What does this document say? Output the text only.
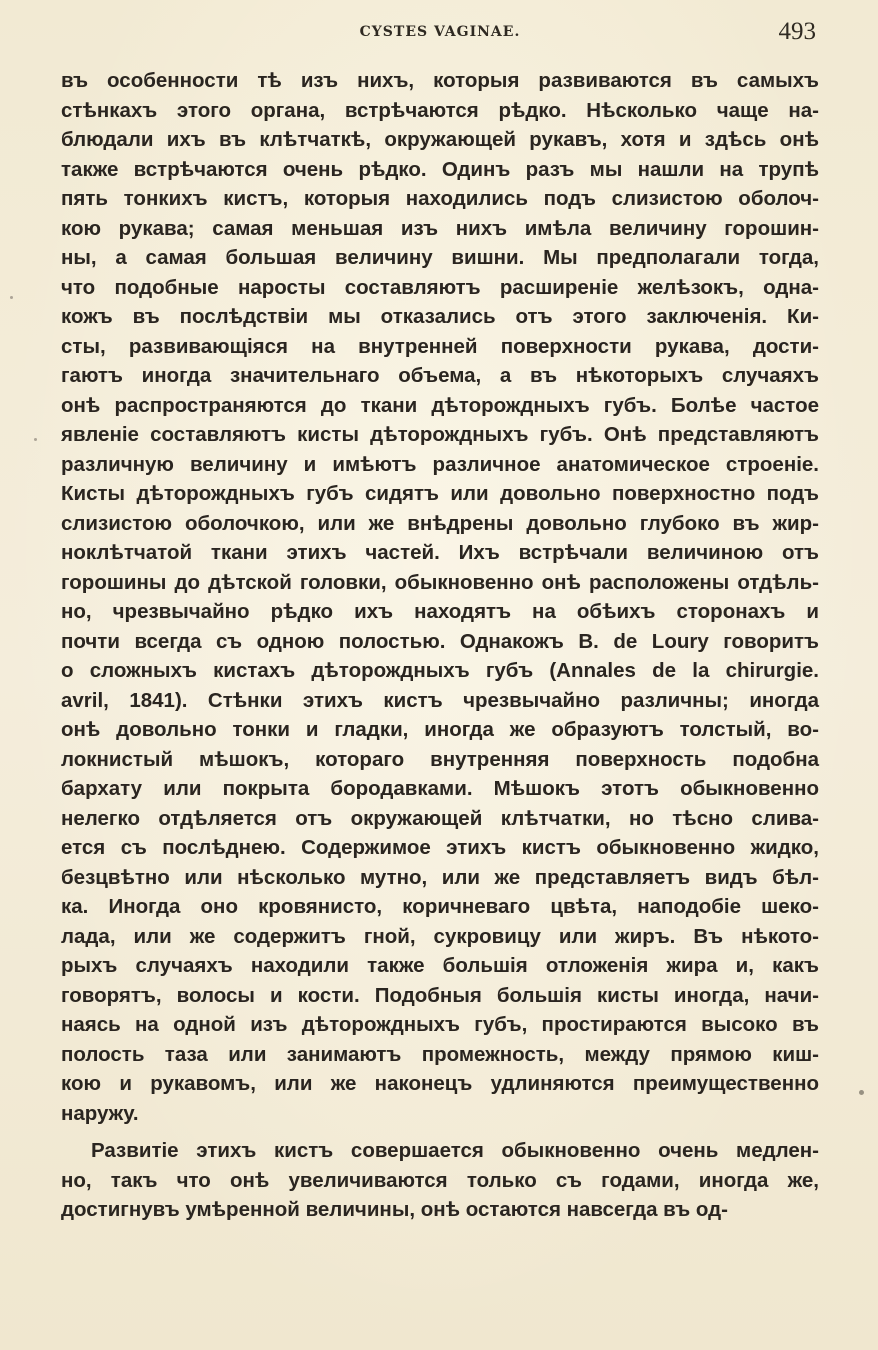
CYSTES VAGINAE.	493
въ особенности тѣ изъ нихъ, которыя развиваются въ самыхъ
стѣнкахъ этого органа, встрѣчаются рѣдко. Нѣсколько чаще на-
блюдали ихъ въ клѣтчаткѣ, окружающей рукавъ, хотя и здѣсь онѣ
также встрѣчаются очень рѣдко. Одинъ разъ мы нашли на трупѣ
пять тонкихъ кистъ, которыя находились подъ слизистою оболоч-
кою рукава; самая меньшая изъ нихъ имѣла величину горошин-
ны, а самая большая величину вишни. Мы предполагали тогда,
что подобные наросты составляютъ расширеніе желѣзокъ, одна-
кожъ въ послѣдствіи мы отказались отъ этого заключенія. Ки-
сты, развивающіяся на внутренней поверхности рукава, дости-
гаютъ иногда значительнаго объема, а въ нѣкоторыхъ случаяхъ
онѣ распространяются до ткани дѣторождныхъ губъ. Болѣе частое
явленіе составляютъ кисты дѣторождныхъ губъ. Онѣ представляютъ
различную величину и имѣютъ различное анатомическое строеніе.
Кисты дѣторождныхъ губъ сидятъ или довольно поверхностно подъ
слизистою оболочкою, или же внѣдрены довольно глубоко въ жир-
ноклѣтчатой ткани этихъ частей. Ихъ встрѣчали величиною отъ
горошины до дѣтской головки, обыкновенно онѣ расположены отдѣль-
но, чрезвычайно рѣдко ихъ находятъ на обѣихъ сторонахъ и
почти всегда съ одною полостью. Однакожъ B. de Loury говоритъ
о сложныхъ кистахъ дѣторождныхъ губъ (Annales de la chirurgie.
avril, 1841). Стѣнки этихъ кистъ чрезвычайно различны; иногда
онѣ довольно тонки и гладки, иногда же образуютъ толстый, во-
локнистый мѣшокъ, котораго внутренняя поверхность подобна
бархату или покрыта бородавками. Мѣшокъ этотъ обыкновенно
нелегко отдѣляется отъ окружающей клѣтчатки, но тѣсно слива-
ется съ послѣднею. Содержимое этихъ кистъ обыкновенно жидко,
безцвѣтно или нѣсколько мутно, или же представляетъ видъ бѣл-
ка. Иногда оно кровянисто, коричневаго цвѣта, наподобіе шеко-
лада, или же содержитъ гной, сукровицу или жиръ. Въ нѣкото-
рыхъ случаяхъ находили также большія отложенія жира и, какъ
говорятъ, волосы и кости. Подобныя большія кисты иногда, начи-
наясь на одной изъ дѣторождныхъ губъ, простираются высоко въ
полость таза или занимаютъ промежность, между прямою киш-
кою и рукавомъ, или же наконецъ удлиняются преимущественно
наружу.
Развитіе этихъ кистъ совершается обыкновенно очень медлен-
но, такъ что онѣ увеличиваются только съ годами, иногда же,
достигнувъ умѣренной величины, онѣ остаются навсегда въ од-
